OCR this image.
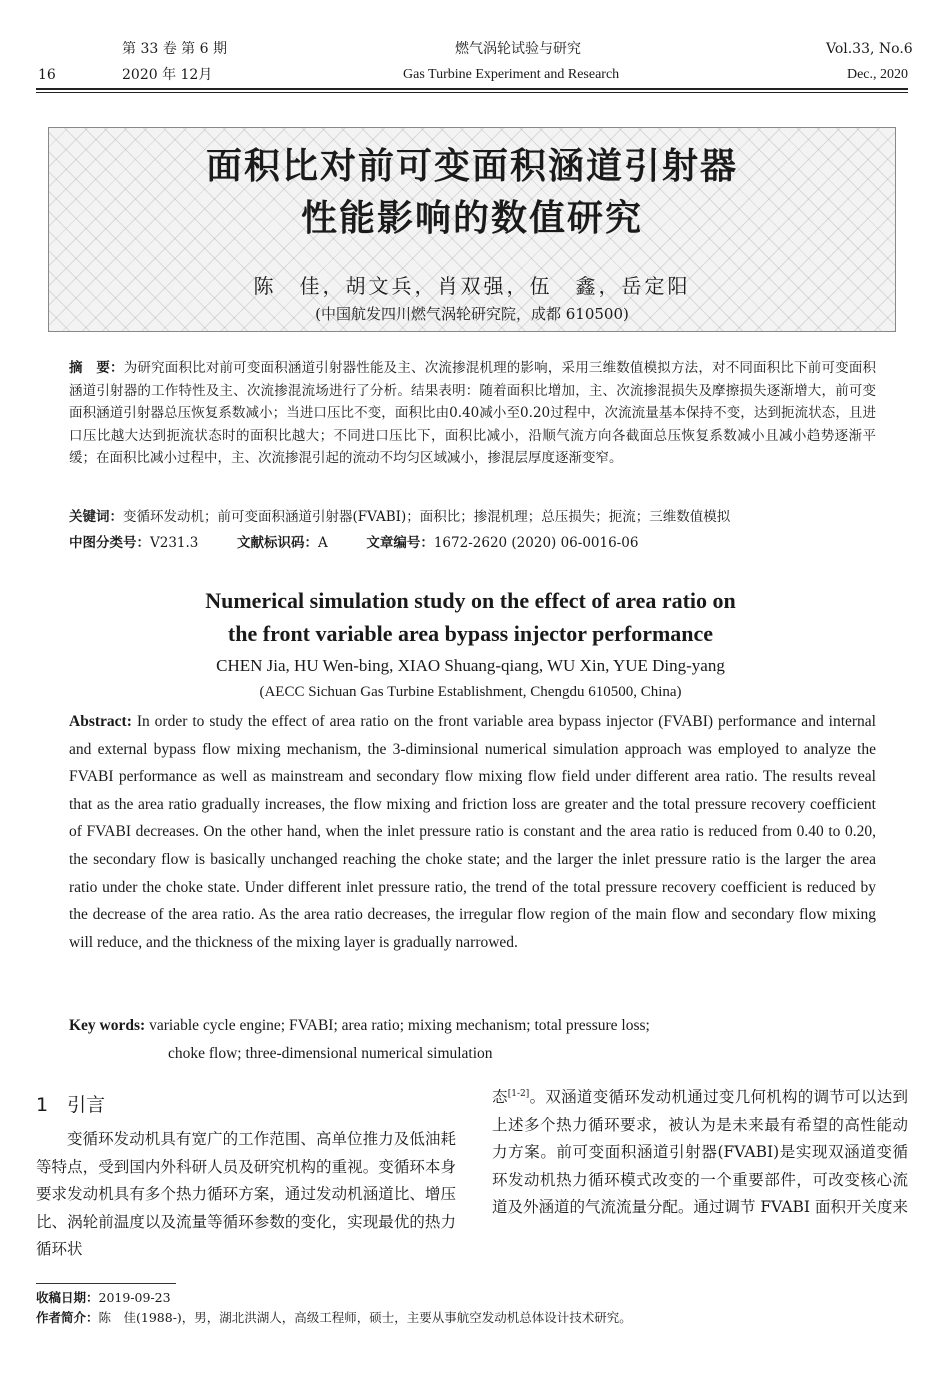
第 33 卷 第 6 期	燃气涡轮试验与研究	Vol.33, No.6
16	2020 年 12月	Gas Turbine Experiment and Research	Dec., 2020
面积比对前可变面积涵道引射器
性能影响的数值研究
陈　佳，胡文兵，肖双强，伍　鑫，岳定阳
(中国航发四川燃气涡轮研究院，成都 610500)
摘　要：为研究面积比对前可变面积涵道引射器性能及主、次流掺混机理的影响，采用三维数值模拟方法，对不同面积比下前可变面积涵道引射器的工作特性及主、次流掺混流场进行了分析。结果表明：随着面积比增加，主、次流掺混损失及摩擦损失逐渐增大，前可变面积涵道引射器总压恢复系数减小；当进口压比不变，面积比由0.40减小至0.20过程中，次流流量基本保持不变，达到扼流状态，且进口压比越大达到扼流状态时的面积比越大；不同进口压比下，面积比减小，沿顺气流方向各截面总压恢复系数减小且减小趋势逐渐平缓；在面积比减小过程中，主、次流掺混引起的流动不均匀区域减小，掺混层厚度逐渐变窄。
关键词：变循环发动机；前可变面积涵道引射器(FVABI)；面积比；掺混机理；总压损失；扼流；三维数值模拟
中图分类号：V231.3	文献标识码：A	文章编号：1672-2620 (2020) 06-0016-06
Numerical simulation study on the effect of area ratio on
the front variable area bypass injector performance
CHEN Jia, HU Wen-bing, XIAO Shuang-qiang, WU Xin, YUE Ding-yang
(AECC Sichuan Gas Turbine Establishment, Chengdu 610500, China)
Abstract: In order to study the effect of area ratio on the front variable area bypass injector (FVABI) performance and internal and external bypass flow mixing mechanism, the 3-diminsional numerical simulation approach was employed to analyze the FVABI performance as well as mainstream and secondary flow mixing flow field under different area ratio. The results reveal that as the area ratio gradually increases, the flow mixing and friction loss are greater and the total pressure recovery coefficient of FVABI decreases. On the other hand, when the inlet pressure ratio is constant and the area ratio is reduced from 0.40 to 0.20, the secondary flow is basically unchanged reaching the choke state; and the larger the inlet pressure ratio is the larger the area ratio under the choke state. Under different inlet pressure ratio, the trend of the total pressure recovery coefficient is reduced by the decrease of the area ratio. As the area ratio decreases, the irregular flow region of the main flow and secondary flow mixing will reduce, and the thickness of the mixing layer is gradually narrowed.
Key words: variable cycle engine; FVABI; area ratio; mixing mechanism; total pressure loss;
choke flow; three-dimensional numerical simulation
1　引言
变循环发动机具有宽广的工作范围、高单位推力及低油耗等特点，受到国内外科研人员及研究机构的重视。变循环本身要求发动机具有多个热力循环方案，通过发动机涵道比、增压比、涡轮前温度以及流量等循环参数的变化，实现最优的热力循环状
态[1-2]。双涵道变循环发动机通过变几何机构的调节可以达到上述多个热力循环要求，被认为是未来最有希望的高性能动力方案。前可变面积涵道引射器(FVABI)是实现双涵道变循环发动机热力循环模式改变的一个重要部件，可改变核心流道及外涵道的气流流量分配。通过调节 FVABI 面积开关度来
收稿日期：2019-09-23
作者简介：陈　佳(1988-)，男，湖北洪湖人，高级工程师，硕士，主要从事航空发动机总体设计技术研究。
